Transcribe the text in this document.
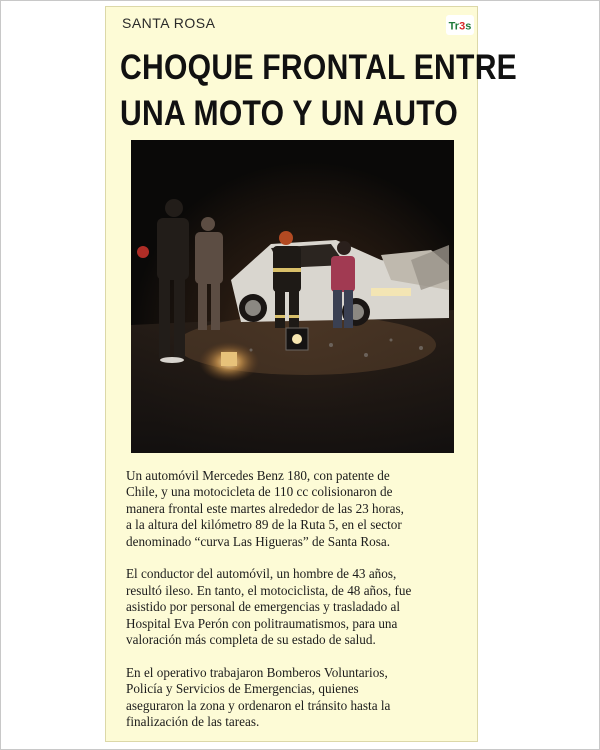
SANTA ROSA	Tr3s
CHOQUE FRONTAL ENTRE
UNA MOTO Y UN AUTO

Un automóvil Mercedes Benz 180, con patente de
Chile, y una motocicleta de 110 cc colisionaron de
manera frontal este martes alrededor de las 23 horas,
a la altura del kilómetro 89 de la Ruta 5, en el sector
denominado “curva Las Higueras” de Santa Rosa.

El conductor del automóvil, un hombre de 43 años,
resultó ileso. En tanto, el motociclista, de 48 años, fue
asistido por personal de emergencias y trasladado al
Hospital Eva Perón con politraumatismos, para una
valoración más completa de su estado de salud.

En el operativo trabajaron Bomberos Voluntarios,
Policía y Servicios de Emergencias, quienes
aseguraron la zona y ordenaron el tránsito hasta la
finalización de las tareas.
